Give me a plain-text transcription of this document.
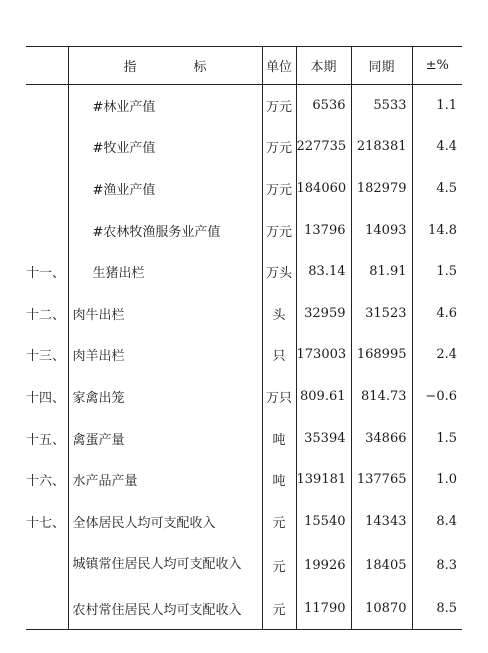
	指　标	单位	本期	同期	±%
	#林业产值	万元	6536	5533	1.1
	#牧业产值	万元	227735	218381	4.4
	#渔业产值	万元	184060	182979	4.5
	#农林牧渔服务业产值	万元	13796	14093	14.8
十一、	生猪出栏	万头	83.14	81.91	1.5
十二、	肉牛出栏	头	32959	31523	4.6
十三、	肉羊出栏	只	173003	168995	2.4
十四、	家禽出笼	万只	809.61	814.73	−0.6
十五、	禽蛋产量	吨	35394	34866	1.5
十六、	水产品产量	吨	139181	137765	1.0
十七、	全体居民人均可支配收入	元	15540	14343	8.4
	城镇常住居民人均可支配收入	元	19926	18405	8.3
	农村常住居民人均可支配收入	元	11790	10870	8.5
